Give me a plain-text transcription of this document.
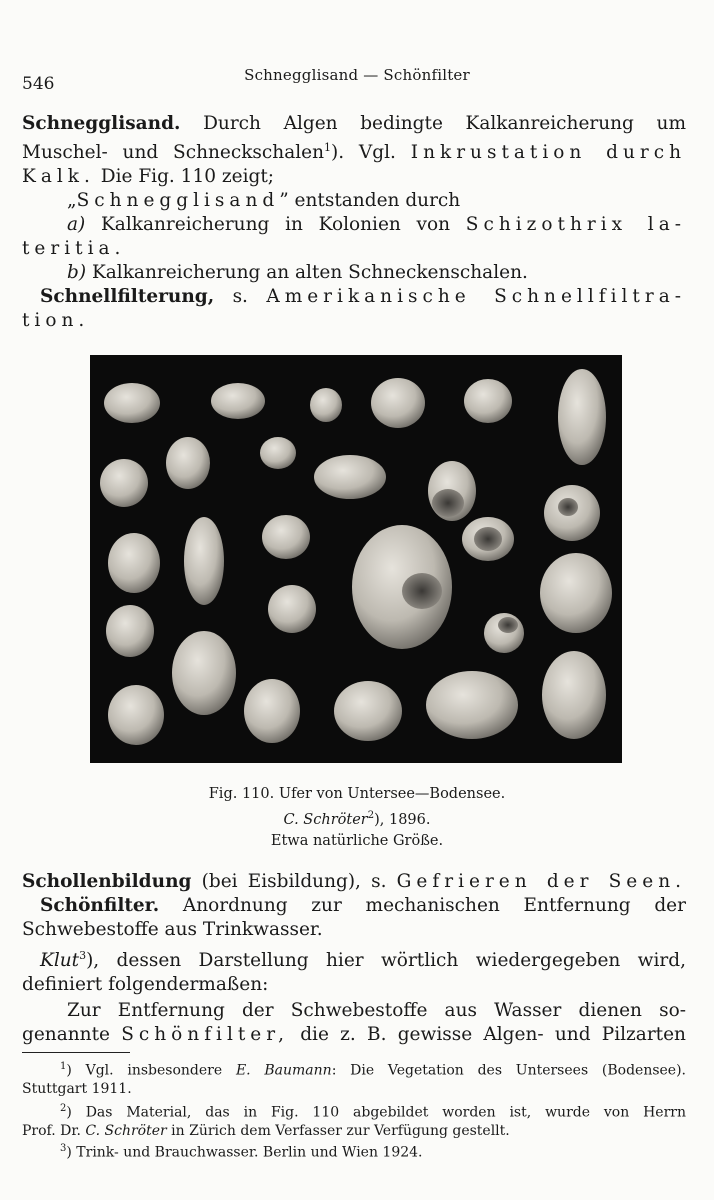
546	Schnegglisand — Schönfilter
Schnegglisand. Durch Algen bedingte Kalkanreicherung um
Muschel- und Schneckschalen$^1$). Vgl. Inkrustation durch
Kalk. Die Fig. 110 zeigt;
„Schnegglisand” entstanden durch
a) Kalkanreicherung in Kolonien von Schizothrix la-
teritia.
b) Kalkanreicherung an alten Schneckenschalen.
Schnellfilterung, s. Amerikanische Schnellfiltra-
tion.
Fig. 110. Ufer von Untersee—Bodensee.
C. Schröter$^2$), 1896.
Etwa natürliche Größe.
Schollenbildung (bei Eisbildung), s. Gefrieren der Seen.
Schönfilter. Anordnung zur mechanischen Entfernung der
Schwebestoffe aus Trinkwasser.
Klut$^3$), dessen Darstellung hier wörtlich wiedergegeben wird,
definiert folgendermaßen:
Zur Entfernung der Schwebestoffe aus Wasser dienen so-
genannte Schönfilter, die z. B. gewisse Algen- und Pilzarten
$^1$) Vgl. insbesondere E. Baumann: Die Vegetation des Untersees (Bodensee).
Stuttgart 1911.
$^2$) Das Material, das in Fig. 110 abgebildet worden ist, wurde von Herrn
Prof. Dr. C. Schröter in Zürich dem Verfasser zur Verfügung gestellt.
$^3$) Trink- und Brauchwasser. Berlin und Wien 1924.
